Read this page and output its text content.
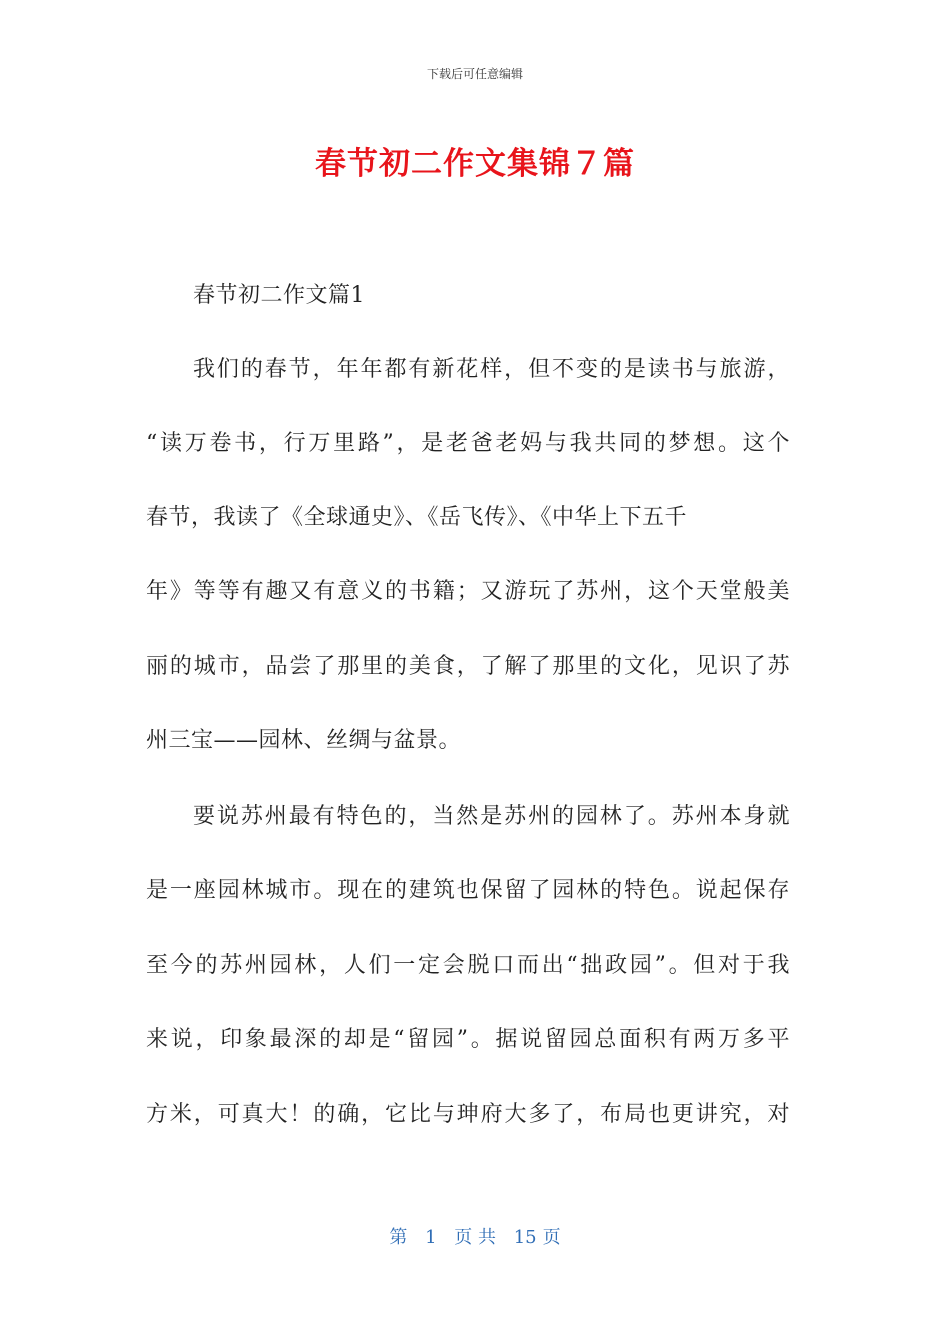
下载后可任意编辑
春节初二作文集锦７篇
春节初二作文篇1
我们的春节，年年都有新花样，但不变的是读书与旅游，
“读万卷书，行万里路”，是老爸老妈与我共同的梦想。这个
春节，我读了《全球通史》、《岳飞传》、《中华上下五千
年》等等有趣又有意义的书籍；又游玩了苏州，这个天堂般美
丽的城市，品尝了那里的美食，了解了那里的文化，见识了苏
州三宝——园林、丝绸与盆景。
要说苏州最有特色的，当然是苏州的园林了。苏州本身就
是一座园林城市。现在的建筑也保留了园林的特色。说起保存
至今的苏州园林，人们一定会脱口而出“拙政园”。但对于我
来说，印象最深的却是“留园”。据说留园总面积有两万多平
方米，可真大！的确，它比与珅府大多了，布局也更讲究，对
第 1 页 共 15 页
